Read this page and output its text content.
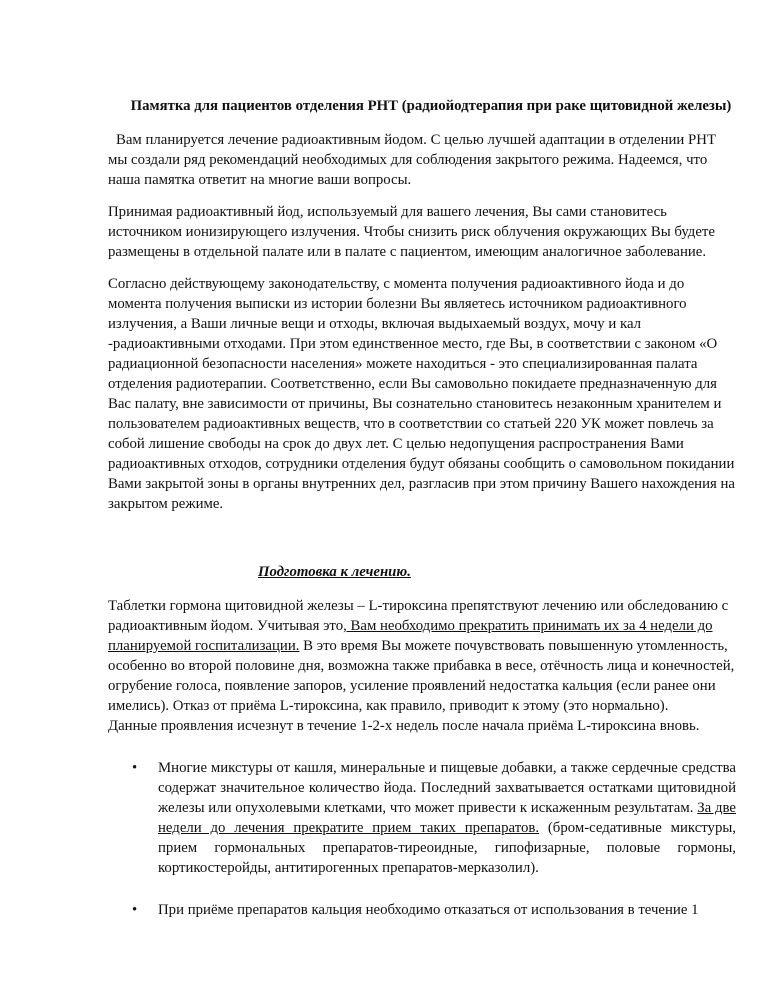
Памятка для пациентов отделения РНТ (радиойодтерапия при раке щитовидной железы)

Вам планируется лечение радиоактивным йодом. С целью лучшей адаптации в отделении РНТ мы создали ряд рекомендаций необходимых для соблюдения закрытого режима. Надеемся, что наша памятка ответит на многие ваши вопросы.

Принимая радиоактивный йод, используемый для вашего лечения, Вы сами становитесь источником ионизирующего излучения. Чтобы снизить риск облучения окружающих Вы будете размещены в отдельной палате или в палате с пациентом, имеющим аналогичное заболевание.

Согласно действующему законодательству, с момента получения радиоактивного йода и до момента получения выписки из истории болезни Вы являетесь источником радиоактивного излучения, а Ваши личные вещи и отходы, включая выдыхаемый воздух, мочу и кал -радиоактивными отходами. При этом единственное место, где Вы, в соответствии с законом «О радиационной безопасности населения» можете находиться - это специализированная палата отделения радиотерапии. Соответственно, если Вы самовольно покидаете предназначенную для Вас палату, вне зависимости от причины, Вы сознательно становитесь незаконным хранителем и пользователем радиоактивных веществ, что в соответствии со статьей 220 УК может повлечь за собой лишение свободы на срок до двух лет. С целью недопущения распространения Вами радиоактивных отходов, сотрудники отделения будут обязаны сообщить о самовольном покидании Вами закрытой зоны в органы внутренних дел, разгласив при этом причину Вашего нахождения на закрытом режиме.

Подготовка к лечению.

Таблетки гормона щитовидной железы – L-тироксина препятствуют лечению или обследованию с радиоактивным йодом. Учитывая это, Вам необходимо прекратить принимать их за 4 недели до планируемой госпитализации. В это время Вы можете почувствовать повышенную утомленность, особенно во второй половине дня, возможна также прибавка в весе, отёчность лица и конечностей, огрубение голоса, появление запоров, усиление проявлений недостатка кальция (если ранее они имелись). Отказ от приёма L-тироксина, как правило, приводит к этому (это нормально).

Данные проявления исчезнут в течение 1-2-х недель после начала приёма L-тироксина вновь.

• Многие микстуры от кашля, минеральные и пищевые добавки, а также сердечные средства содержат значительное количество йода. Последний захватывается остатками щитовидной железы или опухолевыми клетками, что может привести к искаженным результатам. За две недели до лечения прекратите прием таких препаратов. (бром-седативные микстуры, прием гормональных препаратов-тиреоидные, гипофизарные, половые гормоны, кортикостеройды, антитирогенных препаратов-мерказолил).
• При приёме препаратов кальция необходимо отказаться от использования в течение 1
